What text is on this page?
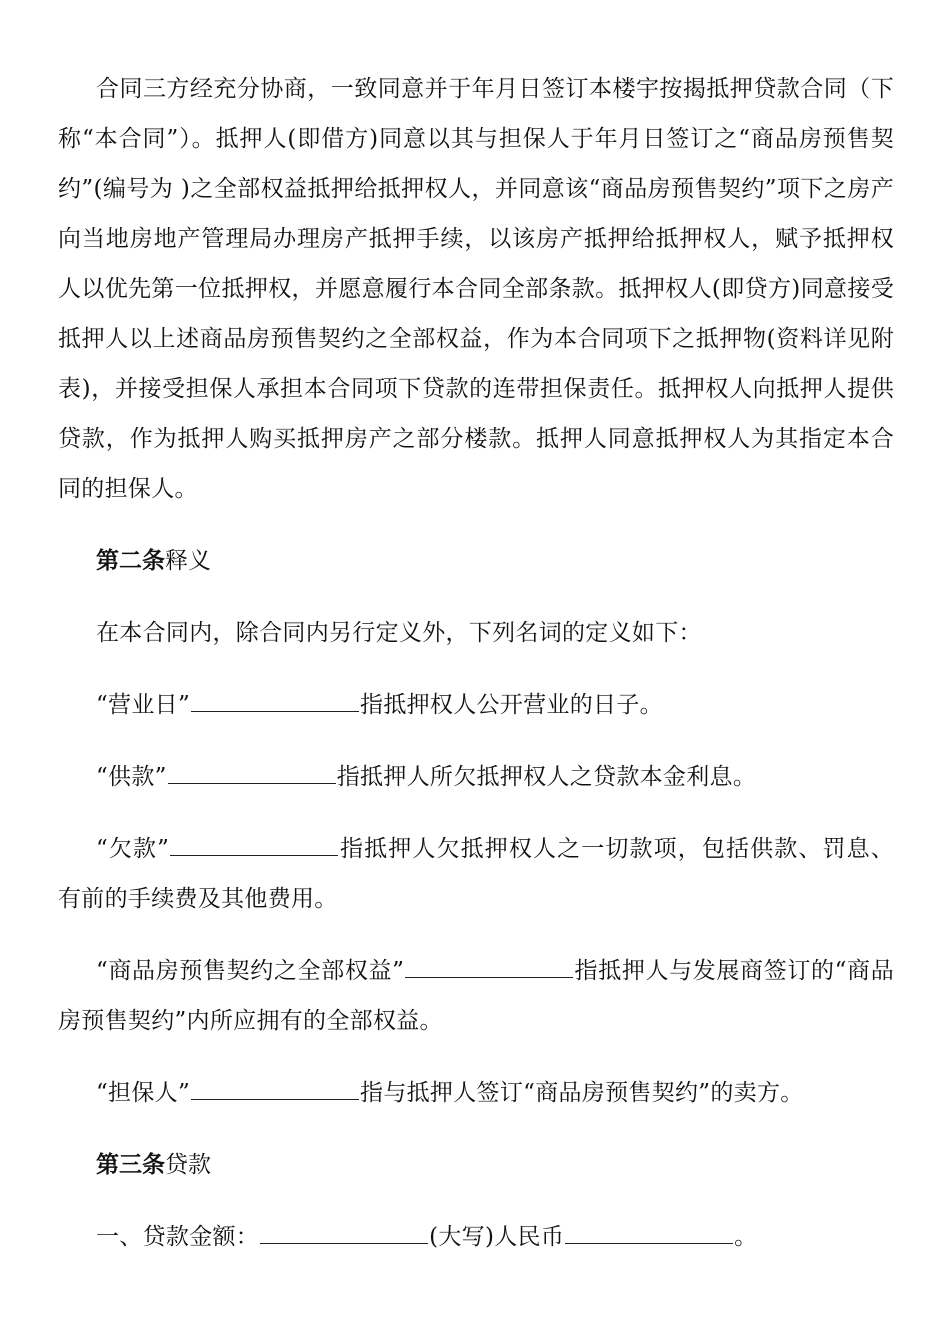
合同三方经充分协商，一致同意并于年月日签订本楼宇按揭抵押贷款合同（下称“本合同”）。抵押人(即借方)同意以其与担保人于年月日签订之“商品房预售契约”(编号为 )之全部权益抵押给抵押权人，并同意该“商品房预售契约”项下之房产向当地房地产管理局办理房产抵押手续，以该房产抵押给抵押权人，赋予抵押权人以优先第一位抵押权，并愿意履行本合同全部条款。抵押权人(即贷方)同意接受抵押人以上述商品房预售契约之全部权益，作为本合同项下之抵押物(资料详见附表)，并接受担保人承担本合同项下贷款的连带担保责任。抵押权人向抵押人提供贷款，作为抵押人购买抵押房产之部分楼款。抵押人同意抵押权人为其指定本合同的担保人。

第二条释义

在本合同内，除合同内另行定义外，下列名词的定义如下：

“营业日”	指抵押权人公开营业的日子。

“供款”	指抵押人所欠抵押权人之贷款本金利息。

“欠款”	指抵押人欠抵押权人之一切款项，包括供款、罚息、有前的手续费及其他费用。

“商品房预售契约之全部权益”	指抵押人与发展商签订的“商品房预售契约”内所应拥有的全部权益。

“担保人”	指与抵押人签订“商品房预售契约”的卖方。

第三条贷款

一、贷款金额：	(大写)人民币	。
